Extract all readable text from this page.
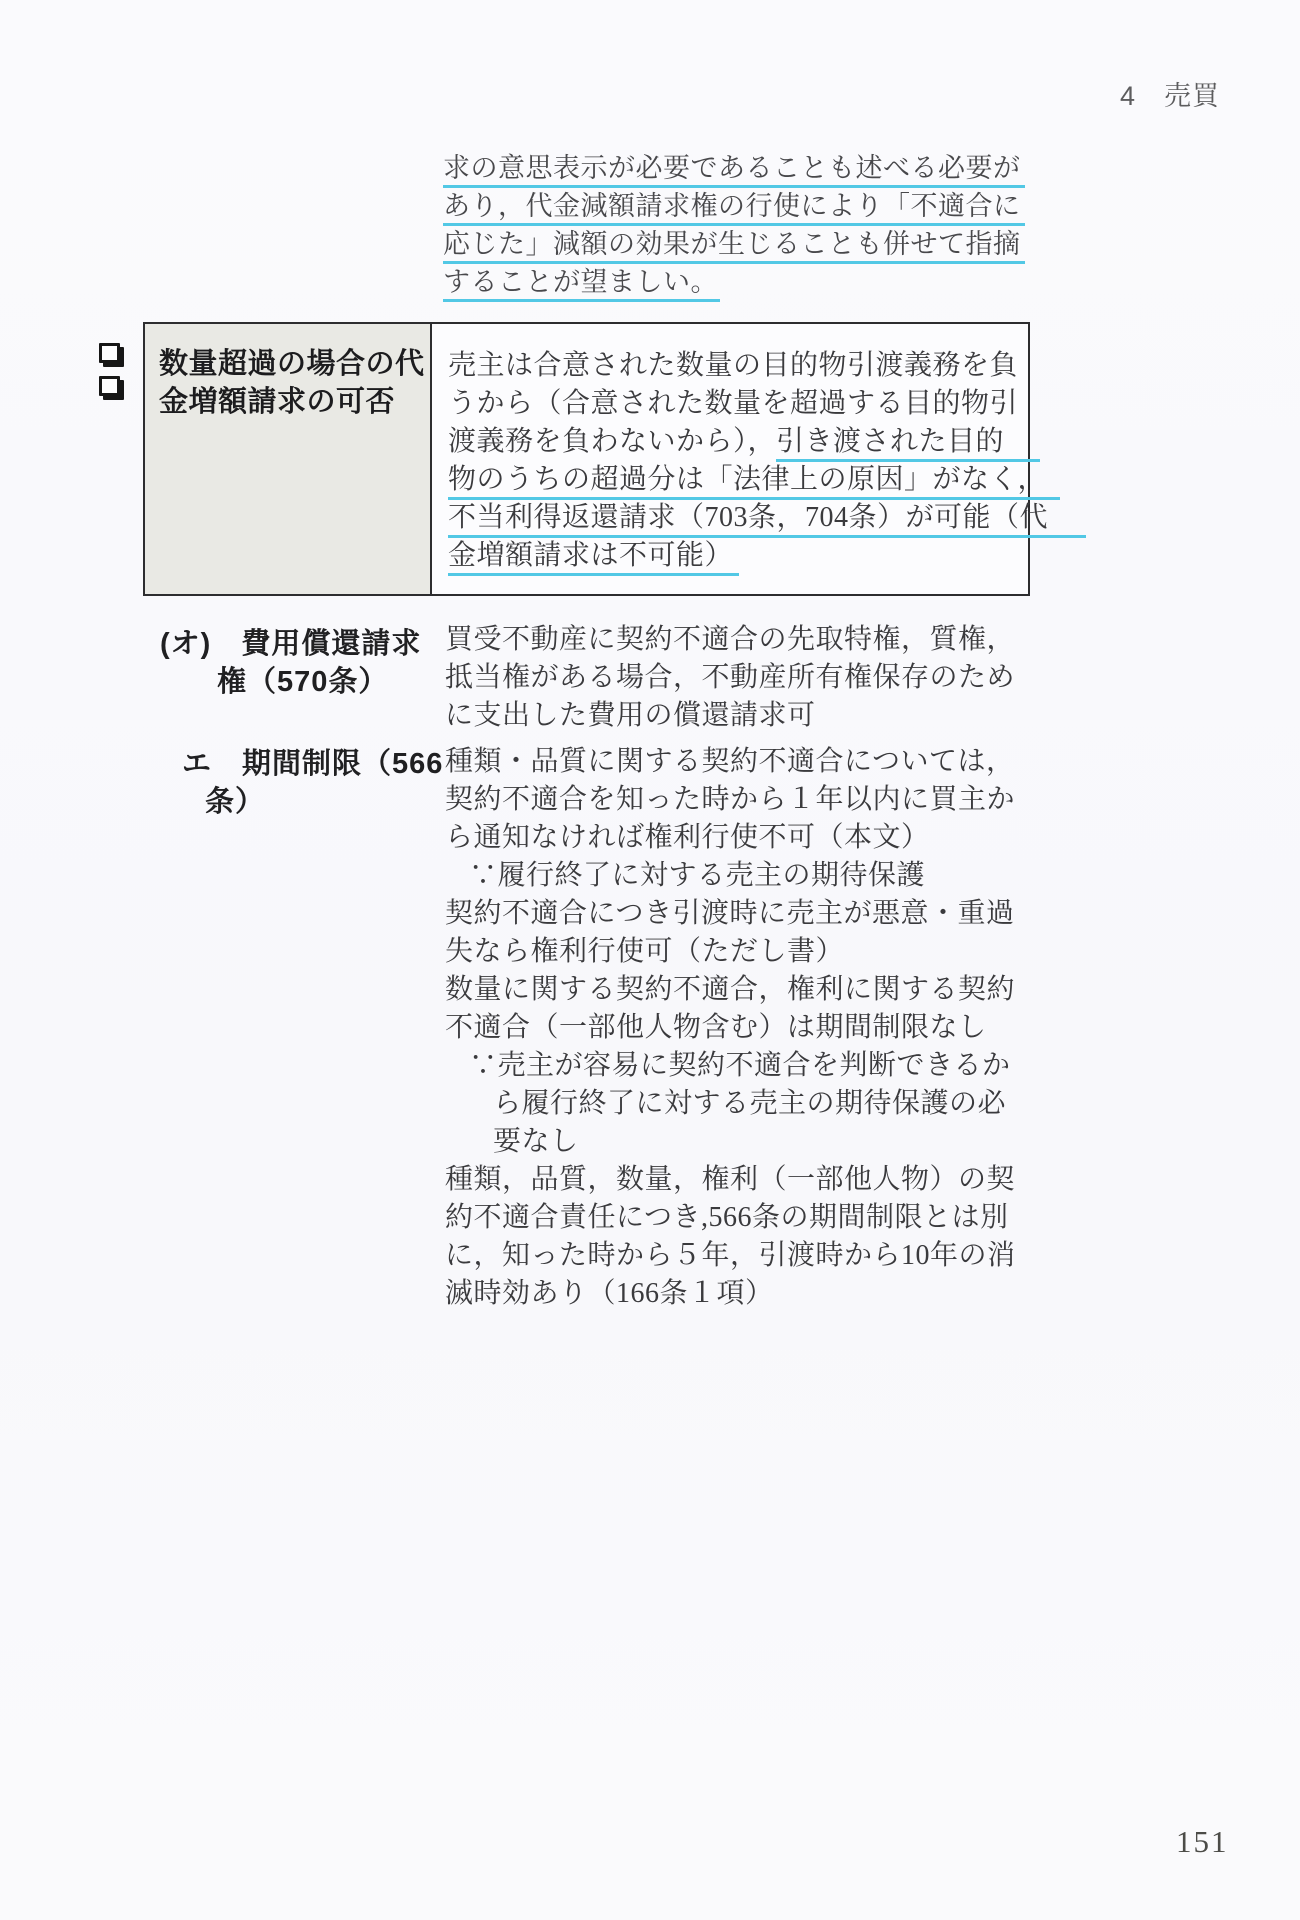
4　売買
求の意思表示が必要であることも述べる必要が
あり，代金減額請求権の行使により「不適合に
応じた」減額の効果が生じることも併せて指摘
することが望ましい。
数量超過の場合の代
金増額請求の可否
売主は合意された数量の目的物引渡義務を負
うから（合意された数量を超過する目的物引
渡義務を負わないから），引き渡された目的
物のうちの超過分は「法律上の原因」がなく，
不当利得返還請求（703条，704条）が可能（代
金増額請求は不可能）
(オ)　費用償還請求
権（570条）
買受不動産に契約不適合の先取特権，質権，
抵当権がある場合，不動産所有権保存のため
に支出した費用の償還請求可
エ　期間制限（566
条）
種類・品質に関する契約不適合については，
契約不適合を知った時から１年以内に買主か
ら通知なければ権利行使不可（本文）
∵履行終了に対する売主の期待保護
契約不適合につき引渡時に売主が悪意・重過
失なら権利行使可（ただし書）
数量に関する契約不適合，権利に関する契約
不適合（一部他人物含む）は期間制限なし
∵売主が容易に契約不適合を判断できるか
ら履行終了に対する売主の期待保護の必
要なし
種類，品質，数量，権利（一部他人物）の契
約不適合責任につき,566条の期間制限とは別
に，知った時から５年，引渡時から10年の消
滅時効あり（166条１項）
151
